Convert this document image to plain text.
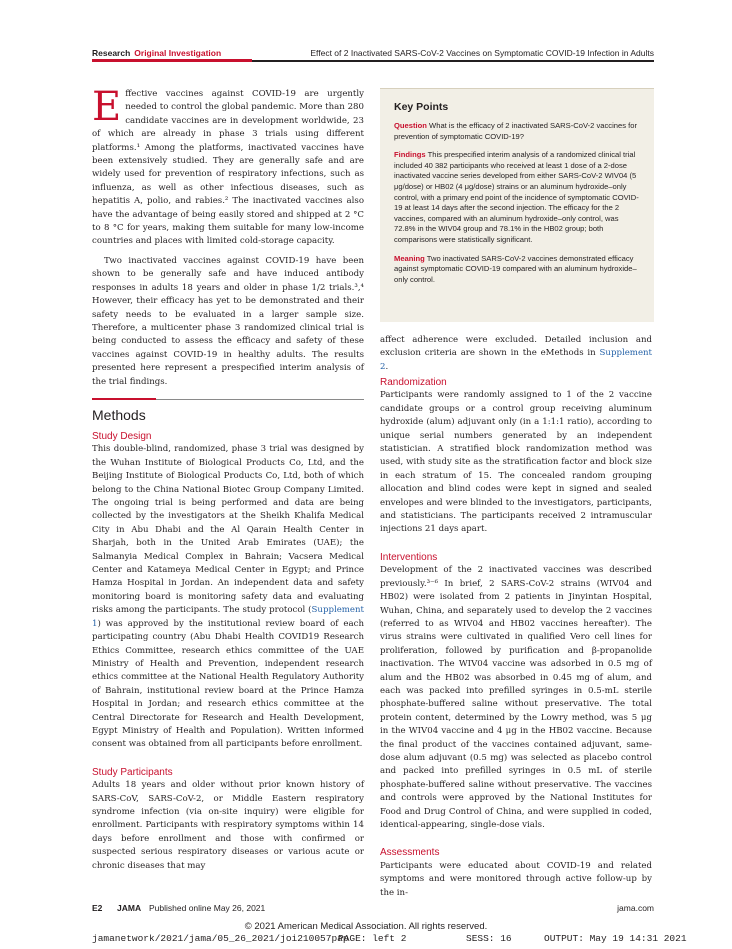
Research Original Investigation	Effect of 2 Inactivated SARS-CoV-2 Vaccines on Symptomatic COVID-19 Infection in Adults

Effective vaccines against COVID-19 are urgently needed to control the global pandemic. More than 280 candidate vaccines are in development worldwide, 23 of which are already in phase 3 trials using different platforms.¹ Among the platforms, inactivated vaccines have been extensively studied. They are generally safe and are widely used for prevention of respiratory infections, such as influenza, as well as other infectious diseases, such as hepatitis A, polio, and rabies.² The inactivated vaccines also have the advantage of being easily stored and shipped at 2 °C to 8 °C for years, making them suitable for many low-income countries and places with limited cold-storage capacity.

Two inactivated vaccines against COVID-19 have been shown to be generally safe and have induced antibody responses in adults 18 years and older in phase 1/2 trials.³,⁴ However, their efficacy has yet to be demonstrated and their safety needs to be evaluated in a larger sample size. Therefore, a multicenter phase 3 randomized clinical trial is being conducted to assess the efficacy and safety of these vaccines against COVID-19 in healthy adults. The results presented here represent a prespecified interim analysis of the trial findings.

Methods

Study Design

This double-blind, randomized, phase 3 trial was designed by the Wuhan Institute of Biological Products Co, Ltd, and the Beijing Institute of Biological Products Co, Ltd, both of which belong to the China National Biotec Group Company Limited. The ongoing trial is being performed and data are being collected by the investigators at the Sheikh Khalifa Medical City in Abu Dhabi and the Al Qarain Health Center in Sharjah, both in the United Arab Emirates (UAE); the Salmanyia Medical Complex in Bahrain; Vacsera Medical Center and Katameya Medical Center in Egypt; and Prince Hamza Hospital in Jordan. An independent data and safety monitoring board is monitoring safety data and evaluating risks among the participants. The study protocol (Supplement 1) was approved by the institutional review board of each participating country (Abu Dhabi Health COVID19 Research Ethics Committee, research ethics committee of the UAE Ministry of Health and Prevention, independent research ethics committee at the National Health Regulatory Authority of Bahrain, institutional review board at the Prince Hamza Hospital in Jordan; and research ethics committee at the Central Directorate for Research and Health Development, Egypt Ministry of Health and Population). Written informed consent was obtained from all participants before enrollment.

Study Participants

Adults 18 years and older without prior known history of SARS-CoV, SARS-CoV-2, or Middle Eastern respiratory syndrome infection (via on-site inquiry) were eligible for enrollment. Participants with respiratory symptoms within 14 days before enrollment and those with confirmed or suspected serious respiratory diseases or various acute or chronic diseases that may

Key Points

Question What is the efficacy of 2 inactivated SARS-CoV-2 vaccines for prevention of symptomatic COVID-19?

Findings This prespecified interim analysis of a randomized clinical trial included 40 382 participants who received at least 1 dose of a 2-dose inactivated vaccine series developed from either SARS-CoV-2 WIV04 (5 μg/dose) or HB02 (4 μg/dose) strains or an aluminum hydroxide–only control, with a primary end point of the incidence of symptomatic COVID-19 at least 14 days after the second injection. The efficacy for the 2 vaccines, compared with an aluminum hydroxide–only control, was 72.8% in the WIV04 group and 78.1% in the HB02 group; both comparisons were statistically significant.

Meaning Two inactivated SARS-CoV-2 vaccines demonstrated efficacy against symptomatic COVID-19 compared with an aluminum hydroxide–only control.

affect adherence were excluded. Detailed inclusion and exclusion criteria are shown in the eMethods in Supplement 2.

Randomization

Participants were randomly assigned to 1 of the 2 vaccine candidate groups or a control group receiving aluminum hydroxide (alum) adjuvant only (in a 1:1:1 ratio), according to unique serial numbers generated by an independent statistician. A stratified block randomization method was used, with study site as the stratification factor and block size in each stratum of 15. The concealed random grouping allocation and blind codes were kept in signed and sealed envelopes and were blinded to the investigators, participants, and statisticians. The participants received 2 intramuscular injections 21 days apart.

Interventions

Development of the 2 inactivated vaccines was described previously.³⁻⁶ In brief, 2 SARS-CoV-2 strains (WIV04 and HB02) were isolated from 2 patients in Jinyintan Hospital, Wuhan, China, and separately used to develop the 2 vaccines (referred to as WIV04 and HB02 vaccines hereafter). The virus strains were cultivated in qualified Vero cell lines for proliferation, followed by purification and β-propanolide inactivation. The WIV04 vaccine was adsorbed in 0.5 mg of alum and the HB02 was absorbed in 0.45 mg of alum, and each was packed into prefilled syringes in 0.5-mL sterile phosphate-buffered saline without preservative. The total protein content, determined by the Lowry method, was 5 μg in the WIV04 vaccine and 4 μg in the HB02 vaccine. Because the final product of the vaccines contained adjuvant, same-dose alum adjuvant (0.5 mg) was selected as placebo control and packed into prefilled syringes in 0.5 mL of sterile phosphate-buffered saline without preservative. The vaccines and controls were approved by the National Institutes for Food and Drug Control of China, and were supplied in coded, identical-appearing, single-dose vials.

Assessments

Participants were educated about COVID-19 and related symptoms and were monitored through active follow-up by the in-

E2 JAMA Published online May 26, 2021	jama.com
© 2021 American Medical Association. All rights reserved.
jamanetwork/2021/jama/05_26_2021/joi210057pap
PAGE: left 2	SESS: 16	OUTPUT: May 19 14:31 2021
